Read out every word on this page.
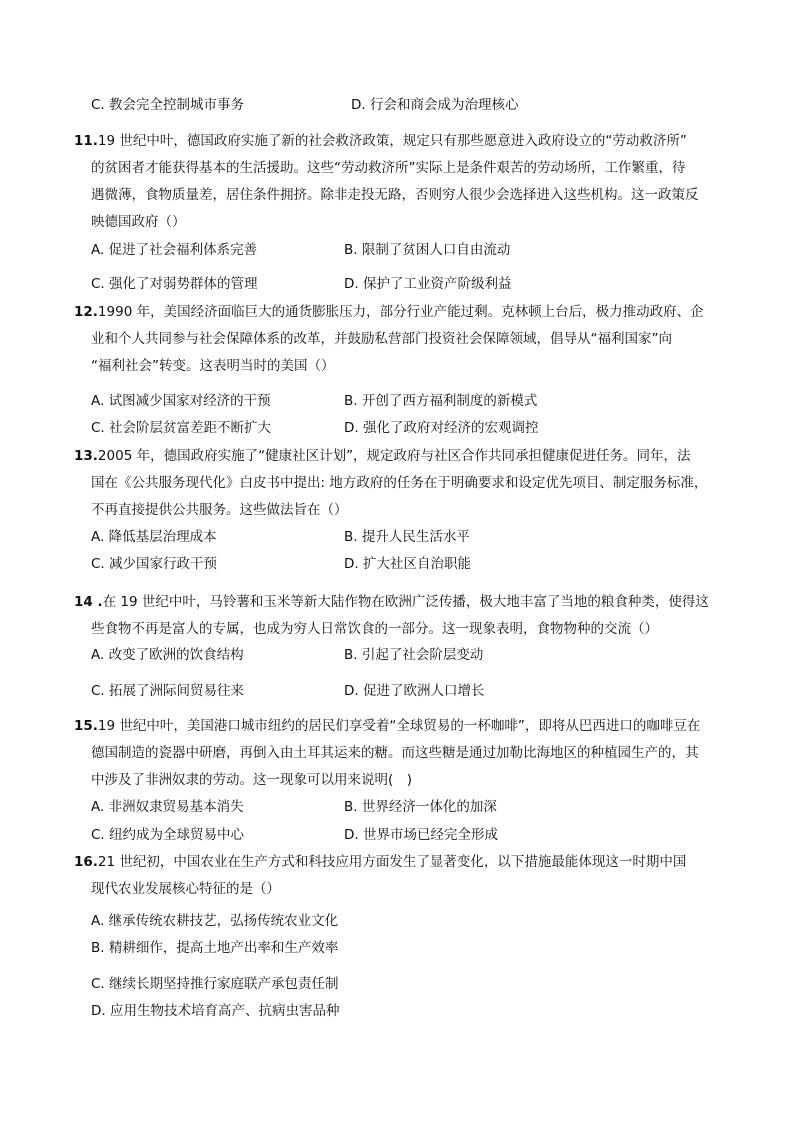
C. 教会完全控制城市事务	D. 行会和商会成为治理核心
11.19 世纪中叶，德国政府实施了新的社会救济政策，规定只有那些愿意进入政府设立的“劳动救济所”
的贫困者才能获得基本的生活援助。这些“劳动救济所”实际上是条件艰苦的劳动场所，工作繁重，待
遇微薄，食物质量差，居住条件拥挤。除非走投无路，否则穷人很少会选择进入这些机构。这一政策反
映德国政府（）
A. 促进了社会福利体系完善	B. 限制了贫困人口自由流动
C. 强化了对弱势群体的管理	D. 保护了工业资产阶级利益
12.1990 年，美国经济面临巨大的通货膨胀压力，部分行业产能过剩。克林顿上台后，极力推动政府、企
业和个人共同参与社会保障体系的改革，并鼓励私营部门投资社会保障领域，倡导从“福利国家”向
“福利社会”转变。这表明当时的美国（）
A. 试图减少国家对经济的干预	B. 开创了西方福利制度的新模式
C. 社会阶层贫富差距不断扩大	D. 强化了政府对经济的宏观调控
13.2005 年，德国政府实施了“健康社区计划”，规定政府与社区合作共同承担健康促进任务。同年，法
国在《公共服务现代化》白皮书中提出: 地方政府的任务在于明确要求和设定优先项目、制定服务标准，
不再直接提供公共服务。这些做法旨在（）
A. 降低基层治理成本	B. 提升人民生活水平
C. 减少国家行政干预	D. 扩大社区自治职能
14 .在 19 世纪中叶，马铃薯和玉米等新大陆作物在欧洲广泛传播，极大地丰富了当地的粮食种类，使得这
些食物不再是富人的专属，也成为穷人日常饮食的一部分。这一现象表明，食物物种的交流（）
A. 改变了欧洲的饮食结构	B. 引起了社会阶层变动
C. 拓展了洲际间贸易往来	D. 促进了欧洲人口增长
15.19 世纪中叶，美国港口城市纽约的居民们享受着“全球贸易的一杯咖啡”，即将从巴西进口的咖啡豆在
德国制造的瓷器中研磨，再倒入由土耳其运来的糖。而这些糖是通过加勒比海地区的种植园生产的，其
中涉及了非洲奴隶的劳动。这一现象可以用来说明(　)
A. 非洲奴隶贸易基本消失	B. 世界经济一体化的加深
C. 纽约成为全球贸易中心	D. 世界市场已经完全形成
16.21 世纪初，中国农业在生产方式和科技应用方面发生了显著变化，以下措施最能体现这一时期中国
现代农业发展核心特征的是（）
A. 继承传统农耕技艺，弘扬传统农业文化
B. 精耕细作，提高土地产出率和生产效率
C. 继续长期坚持推行家庭联产承包责任制
D. 应用生物技术培育高产、抗病虫害品种
